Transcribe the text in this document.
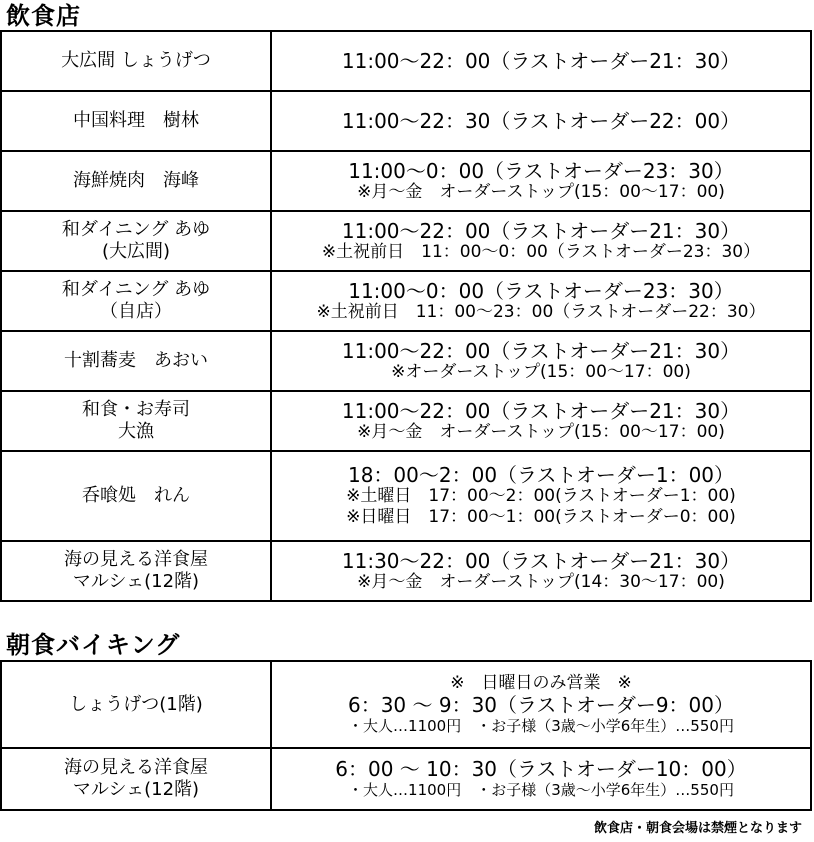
飲食店
大広間 しょうげつ	11:00〜22：00（ラストオーダー21：30）

中国料理　樹林	11:00〜22：30（ラストオーダー22：00）

海鮮焼肉　海峰	11:00〜0：00（ラストオーダー23：30）
※月〜金　オーダーストップ(15：00〜17：00)

和ダイニング あゆ
(大広間)	11:00〜22：00（ラストオーダー21：30）
※土祝前日　11：00〜0：00（ラストオーダー23：30）

和ダイニング あゆ
（自店）	11:00〜0：00（ラストオーダー23：30）
※土祝前日　11：00〜23：00（ラストオーダー22：30）

十割蕎麦　あおい	11:00〜22：00（ラストオーダー21：30）
※オーダーストップ(15：00〜17：00)

和食・お寿司
大漁	11:00〜22：00（ラストオーダー21：30）
※月〜金　オーダーストップ(15：00〜17：00)

呑喰処　れん	18：00〜2：00（ラストオーダー1：00）
※土曜日　17：00〜2：00(ラストオーダー1：00)
※日曜日　17：00〜1：00(ラストオーダー0：00)

海の見える洋食屋
マルシェ(12階)	11:30〜22：00（ラストオーダー21：30）
※月〜金　オーダーストップ(14：30〜17：00)
朝食バイキング
しょうげつ(1階)	※　日曜日のみ営業　※
6：30 〜 9：30（ラストオーダー9：00）
・大人…1100円　・お子様（3歳〜小学6年生）…550円

海の見える洋食屋
マルシェ(12階)	6：00 〜 10：30（ラストオーダー10：00）
・大人…1100円　・お子様（3歳〜小学6年生）…550円

飲食店・朝食会場は禁煙となります
